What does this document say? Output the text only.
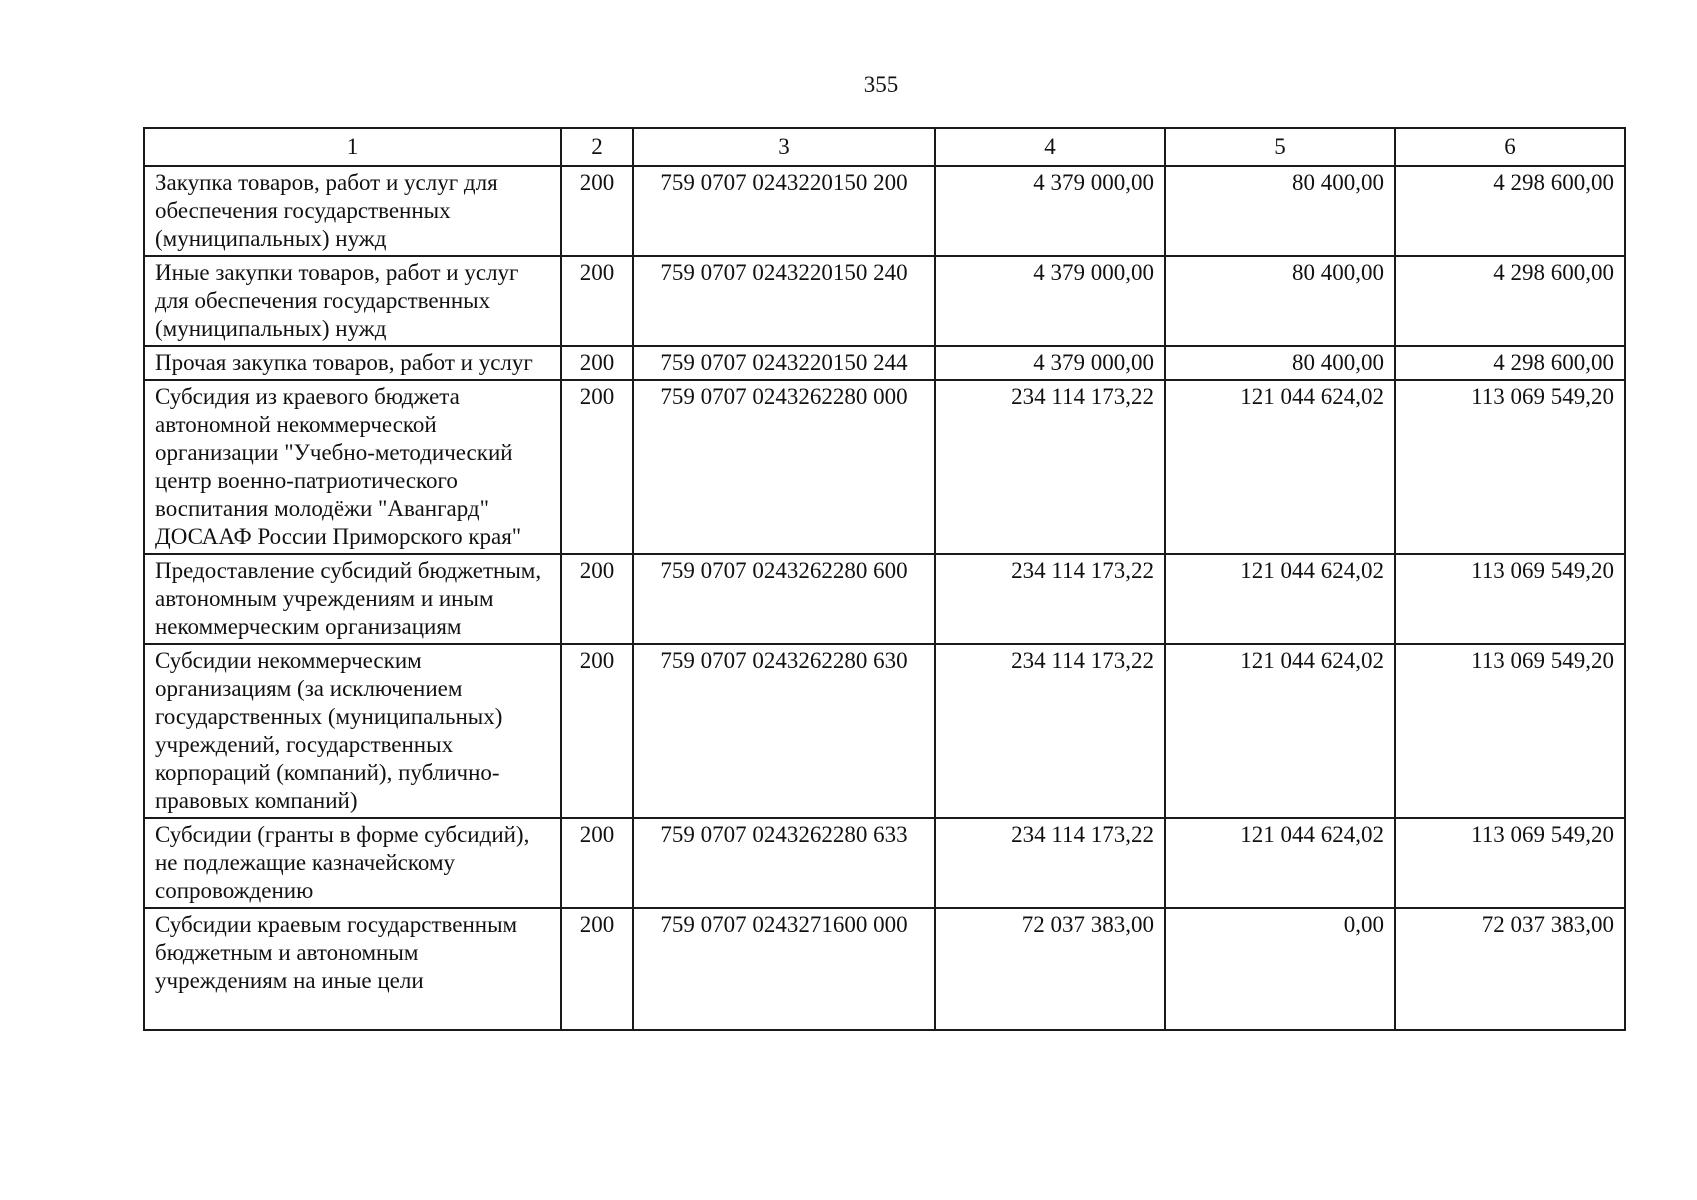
355
1	2	3	4	5	6
Закупка товаров, работ и услуг для обеспечения государственных (муниципальных) нужд	200	759 0707 0243220150 200	4 379 000,00	80 400,00	4 298 600,00
Иные закупки товаров, работ и услуг для обеспечения государственных (муниципальных) нужд	200	759 0707 0243220150 240	4 379 000,00	80 400,00	4 298 600,00
Прочая закупка товаров, работ и услуг	200	759 0707 0243220150 244	4 379 000,00	80 400,00	4 298 600,00
Субсидия из краевого бюджета автономной некоммерческой организации "Учебно-методический центр военно-патриотического воспитания молодёжи "Авангард" ДОСААФ России Приморского края"	200	759 0707 0243262280 000	234 114 173,22	121 044 624,02	113 069 549,20
Предоставление субсидий бюджетным, автономным учреждениям и иным некоммерческим организациям	200	759 0707 0243262280 600	234 114 173,22	121 044 624,02	113 069 549,20
Субсидии некоммерческим организациям (за исключением государственных (муниципальных) учреждений, государственных корпораций (компаний), публично-правовых компаний)	200	759 0707 0243262280 630	234 114 173,22	121 044 624,02	113 069 549,20
Субсидии (гранты в форме субсидий), не подлежащие казначейскому сопровождению	200	759 0707 0243262280 633	234 114 173,22	121 044 624,02	113 069 549,20
Субсидии краевым государственным бюджетным и автономным учреждениям на иные цели	200	759 0707 0243271600 000	72 037 383,00	0,00	72 037 383,00
